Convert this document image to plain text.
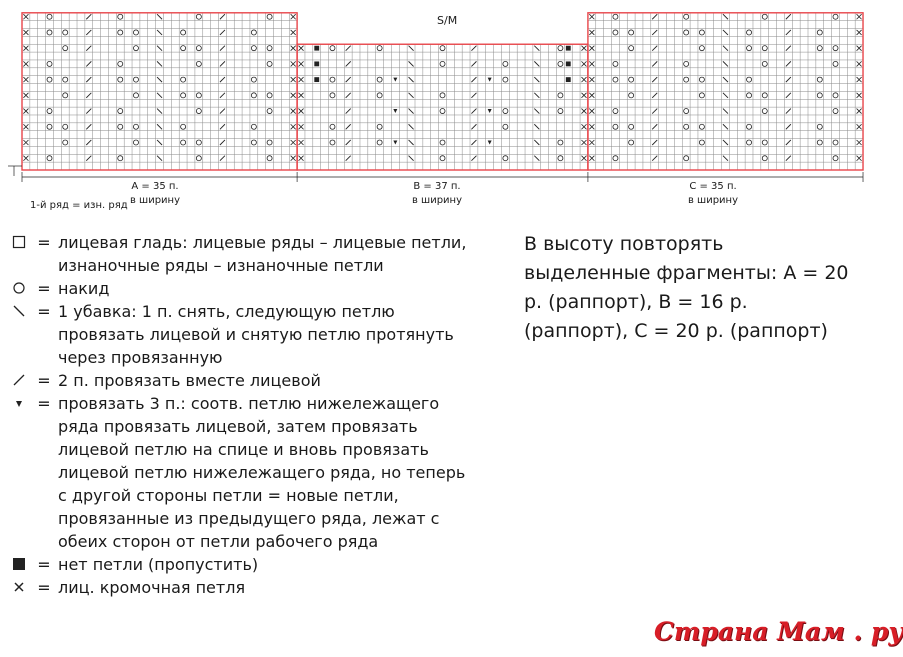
S/M
A = 35 п.
в ширину
B = 37 п.
в ширину
C = 35 п.
в ширину
1-й ряд = изн. ряд
= лицевая гладь: лицевые ряды – лицевые петли, изнаночные ряды – изнаночные петли
= накид
= 1 убавка: 1 п. снять, следующую петлю провязать лицевой и снятую петлю протянуть через провязанную
= 2 п. провязать вместе лицевой
= провязать 3 п.: соотв. петлю нижележащего ряда провязать лицевой, затем провязать лицевой петлю на спице и вновь провязать лицевой петлю нижележащего ряда, но теперь с другой стороны петли = новые петли, провязанные из предыдущего ряда, лежат с обеих сторон от петли рабочего ряда
= нет петли (пропустить)
= лиц. кромочная петля
В высоту повторять выделенные фрагменты: A = 20 р. (раппорт), B = 16 р. (раппорт), C = 20 р. (раппорт)
Страна Мам . ру
